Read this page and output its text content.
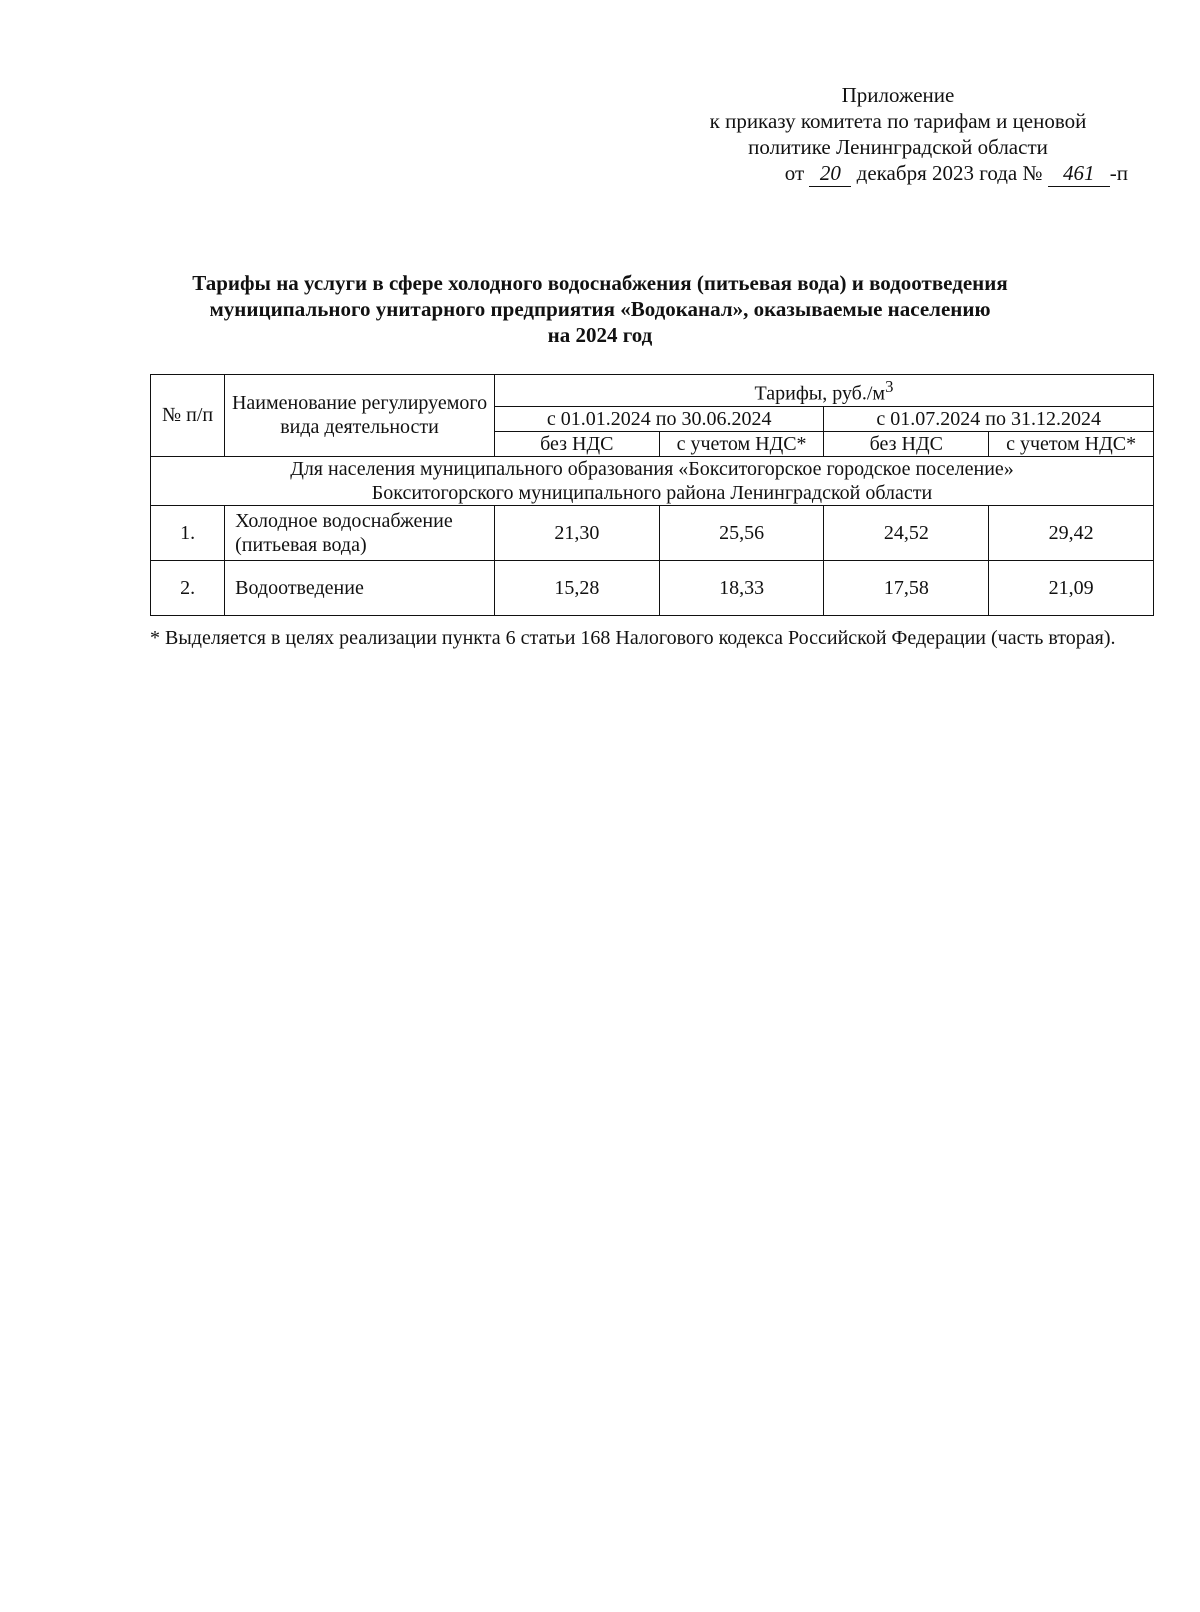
Приложение
к приказу комитета по тарифам и ценовой
политике Ленинградской области
от 20 декабря 2023 года № 461 -п
Тарифы на услуги в сфере холодного водоснабжения (питьевая вода) и водоотведения
муниципального унитарного предприятия «Водоканал», оказываемые населению
на 2024 год
№ п/п	Наименование регулируемого вида деятельности	Тарифы, $руб./м^3$
		с 01.01.2024 по 30.06.2024		с 01.07.2024 по 31.12.2024	
		без НДС	с учетом НДС*	без НДС	с учетом НДС*

Для населения муниципального образования «Бокситогорское городское поселение»
Бокситогорского муниципального района Ленинградской области					

1.	Холодное водоснабжение (питьевая вода)	21,30	25,56	24,52	29,42
2.	Водоотведение	15,28	18,33	17,58	21,09
* Выделяется в целях реализации пункта 6 статьи 168 Налогового кодекса Российской Федерации (часть вторая).
